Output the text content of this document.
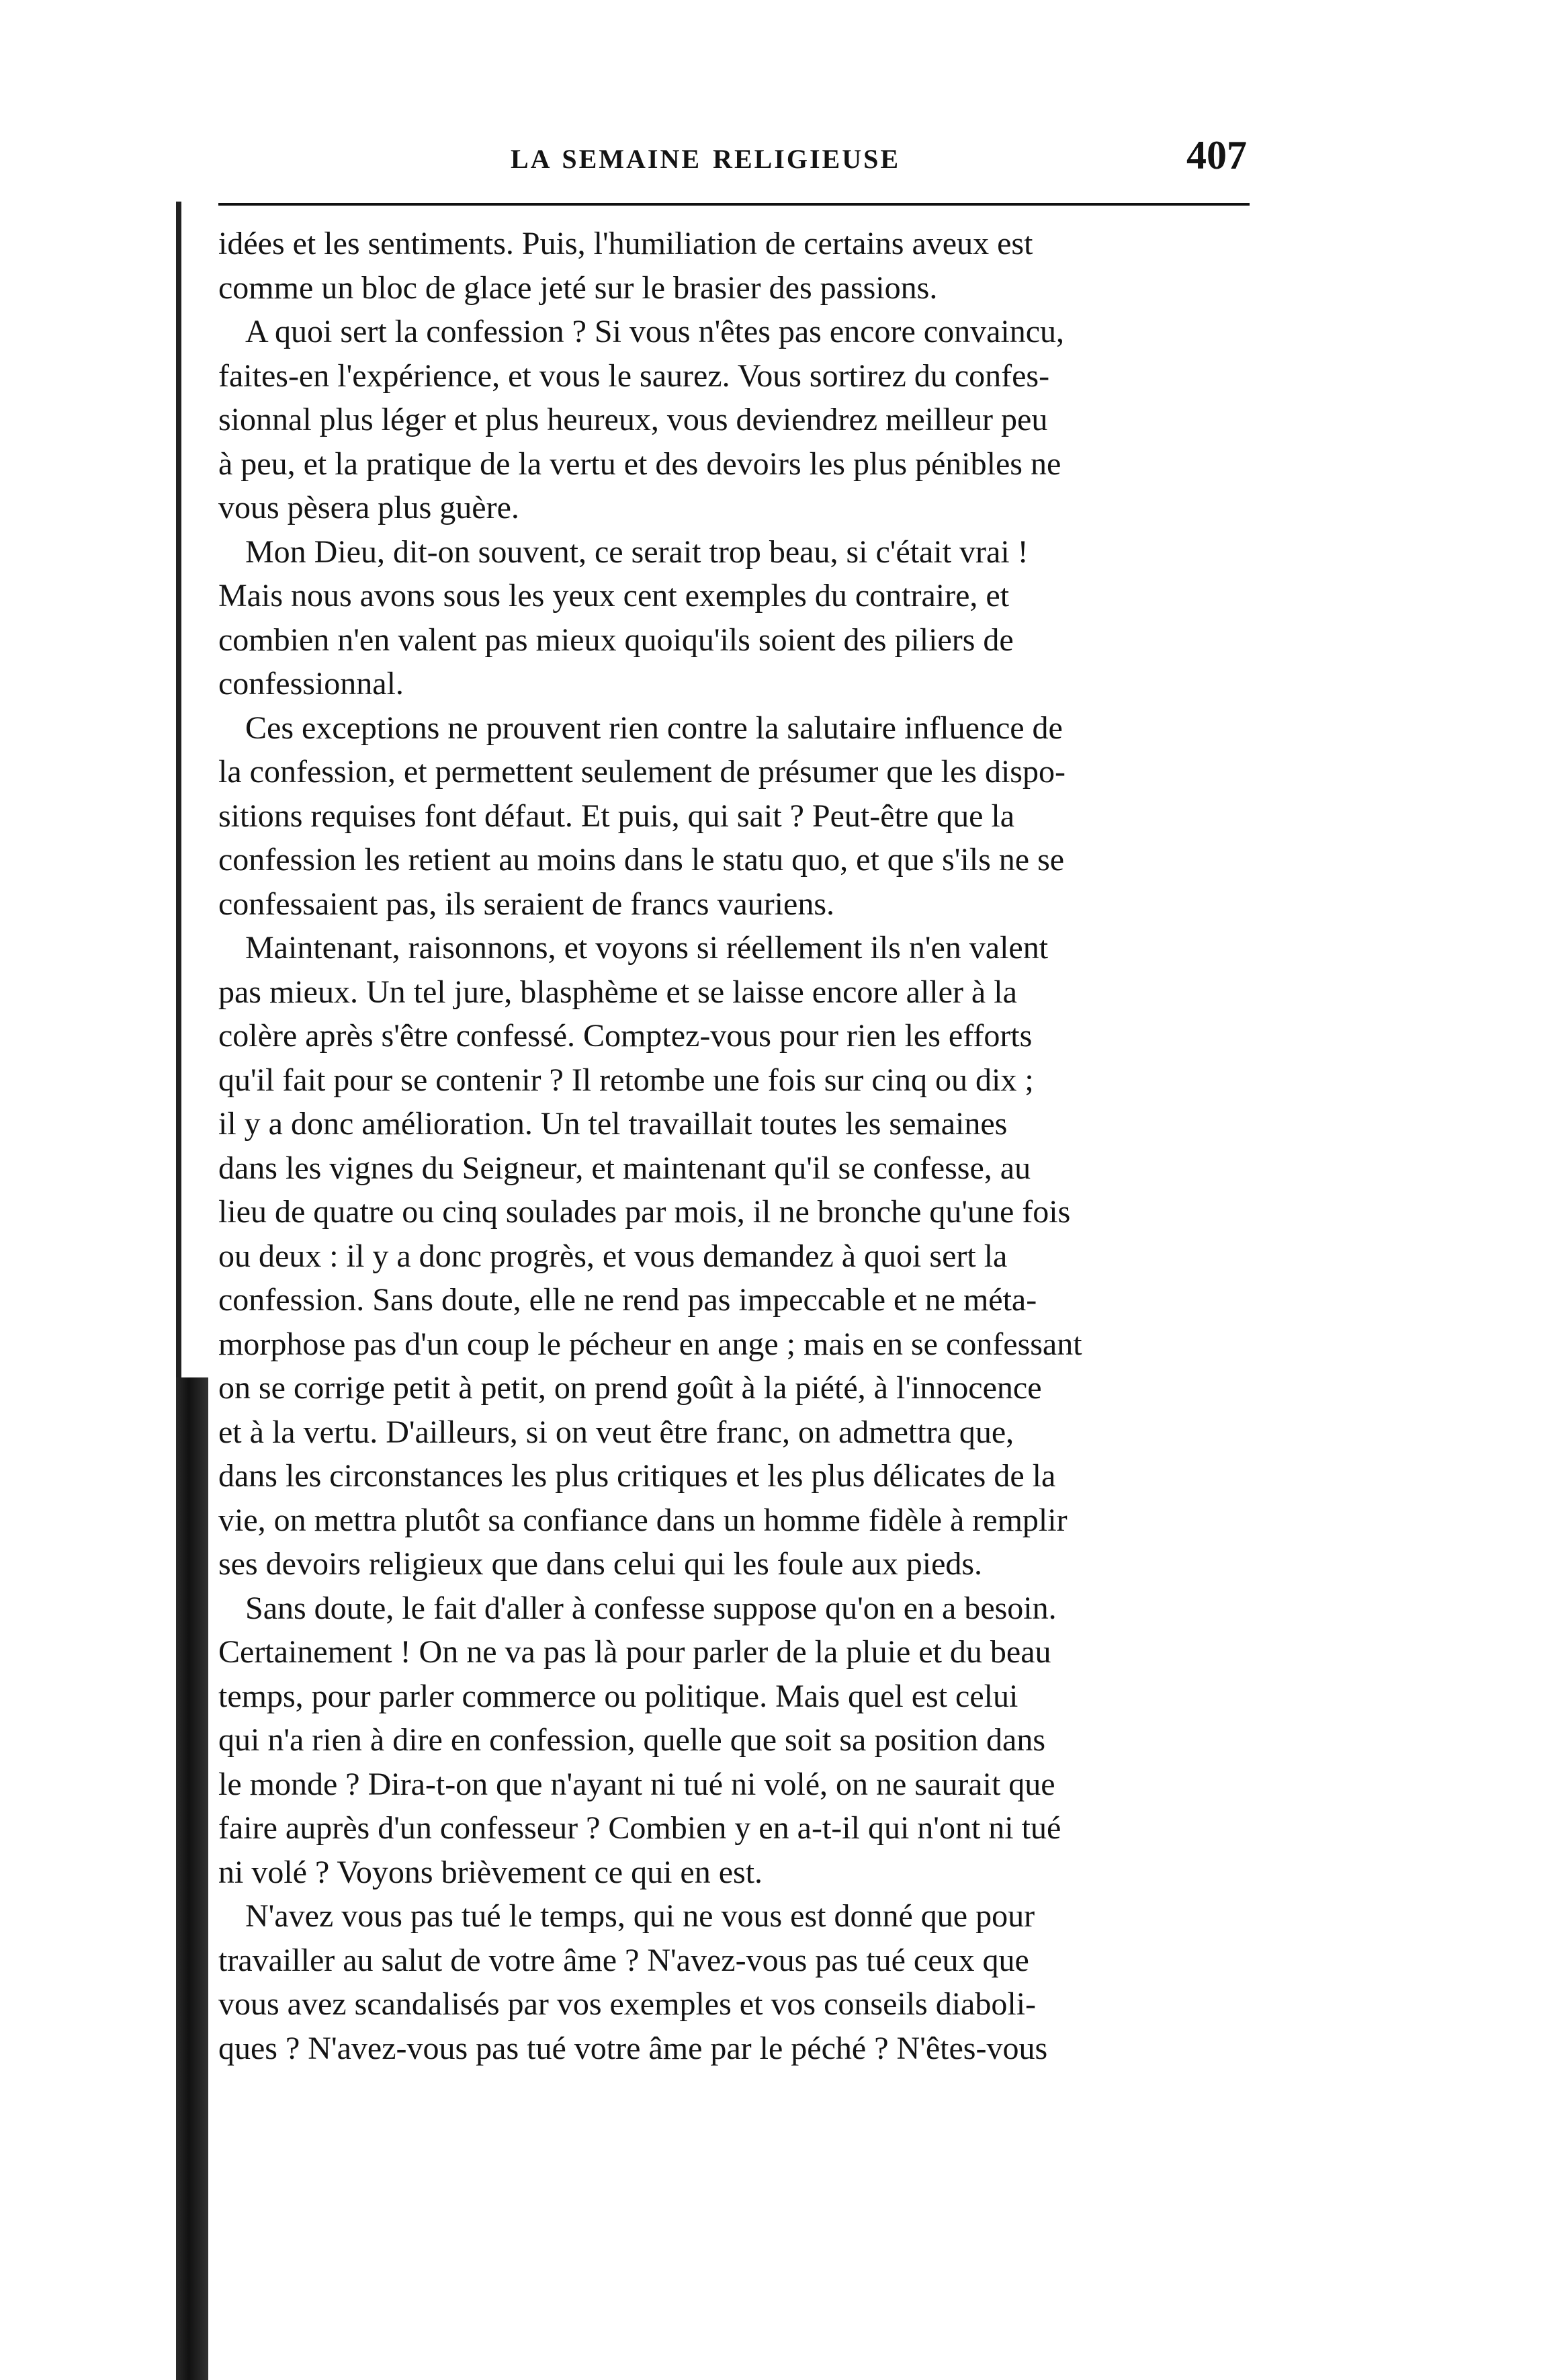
LA SEMAINE RELIGIEUSE	407

idées et les sentiments. Puis, l'humiliation de certains aveux est
comme un bloc de glace jeté sur le brasier des passions.

A quoi sert la confession ? Si vous n'êtes pas encore convaincu,
faites-en l'expérience, et vous le saurez. Vous sortirez du confes-
sionnal plus léger et plus heureux, vous deviendrez meilleur peu
à peu, et la pratique de la vertu et des devoirs les plus pénibles ne
vous pèsera plus guère.

Mon Dieu, dit-on souvent, ce serait trop beau, si c'était vrai !
Mais nous avons sous les yeux cent exemples du contraire, et
combien n'en valent pas mieux quoiqu'ils soient des piliers de
confessionnal.

Ces exceptions ne prouvent rien contre la salutaire influence de
la confession, et permettent seulement de présumer que les dispo-
sitions requises font défaut. Et puis, qui sait ? Peut-être que la
confession les retient au moins dans le statu quo, et que s'ils ne se
confessaient pas, ils seraient de francs vauriens.

Maintenant, raisonnons, et voyons si réellement ils n'en valent
pas mieux. Un tel jure, blasphème et se laisse encore aller à la
colère après s'être confessé. Comptez-vous pour rien les efforts
qu'il fait pour se contenir ? Il retombe une fois sur cinq ou dix ;
il y a donc amélioration. Un tel travaillait toutes les semaines
dans les vignes du Seigneur, et maintenant qu'il se confesse, au
lieu de quatre ou cinq soulades par mois, il ne bronche qu'une fois
ou deux : il y a donc progrès, et vous demandez à quoi sert la
confession. Sans doute, elle ne rend pas impeccable et ne méta-
morphose pas d'un coup le pécheur en ange ; mais en se confessant
on se corrige petit à petit, on prend goût à la piété, à l'innocence
et à la vertu. D'ailleurs, si on veut être franc, on admettra que,
dans les circonstances les plus critiques et les plus délicates de la
vie, on mettra plutôt sa confiance dans un homme fidèle à remplir
ses devoirs religieux que dans celui qui les foule aux pieds.

Sans doute, le fait d'aller à confesse suppose qu'on en a besoin.
Certainement ! On ne va pas là pour parler de la pluie et du beau
temps, pour parler commerce ou politique. Mais quel est celui
qui n'a rien à dire en confession, quelle que soit sa position dans
le monde ? Dira-t-on que n'ayant ni tué ni volé, on ne saurait que
faire auprès d'un confesseur ? Combien y en a-t-il qui n'ont ni tué
ni volé ? Voyons brièvement ce qui en est.

N'avez vous pas tué le temps, qui ne vous est donné que pour
travailler au salut de votre âme ? N'avez-vous pas tué ceux que
vous avez scandalisés par vos exemples et vos conseils diaboli-
ques ? N'avez-vous pas tué votre âme par le péché ? N'êtes-vous
